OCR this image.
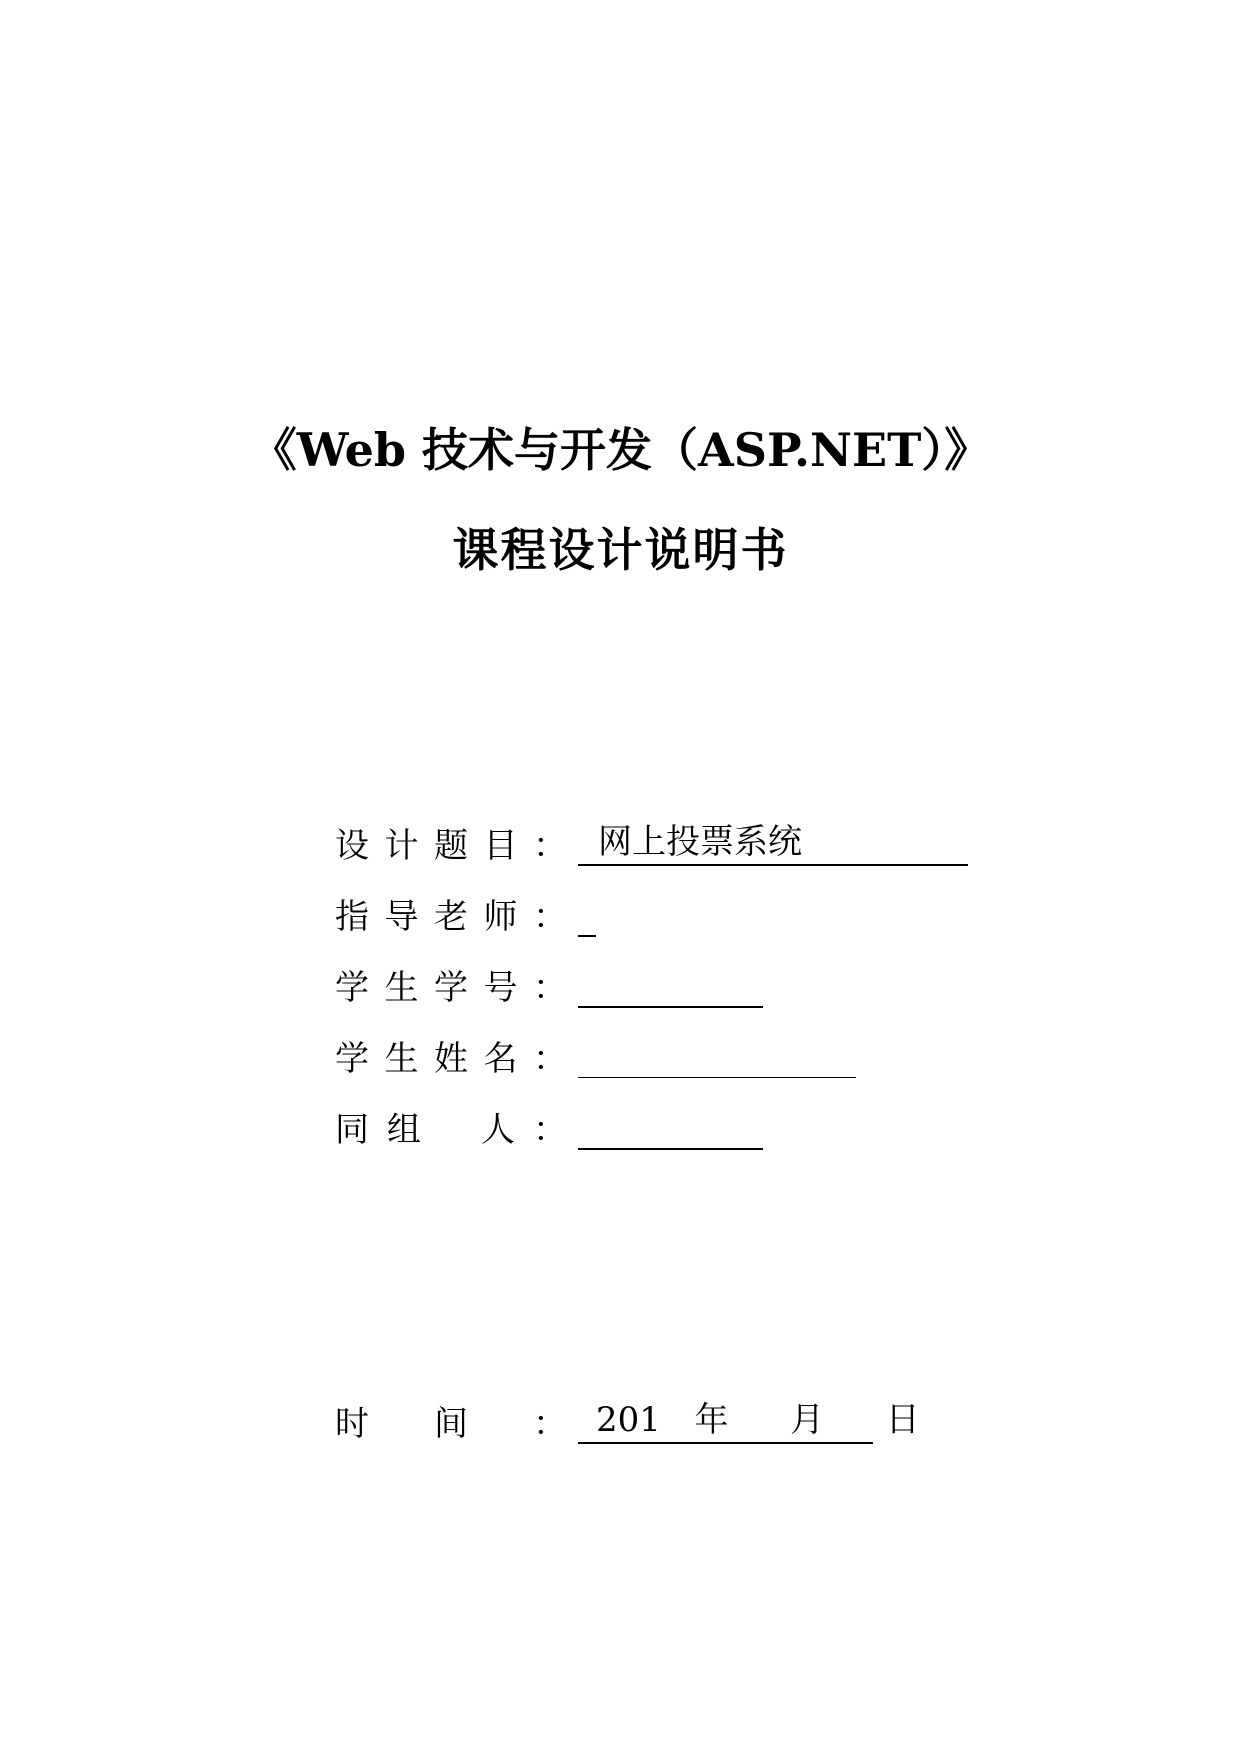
《Web 技术与开发（ASP.NET）》
课程设计说明书
设 计 题 目 ： 网上投票系统
指 导 老 师 ：
学 生 学 号 ：
学 生 姓 名 ：
同 组 人 ：
时 间 ： 201 年 月 日
